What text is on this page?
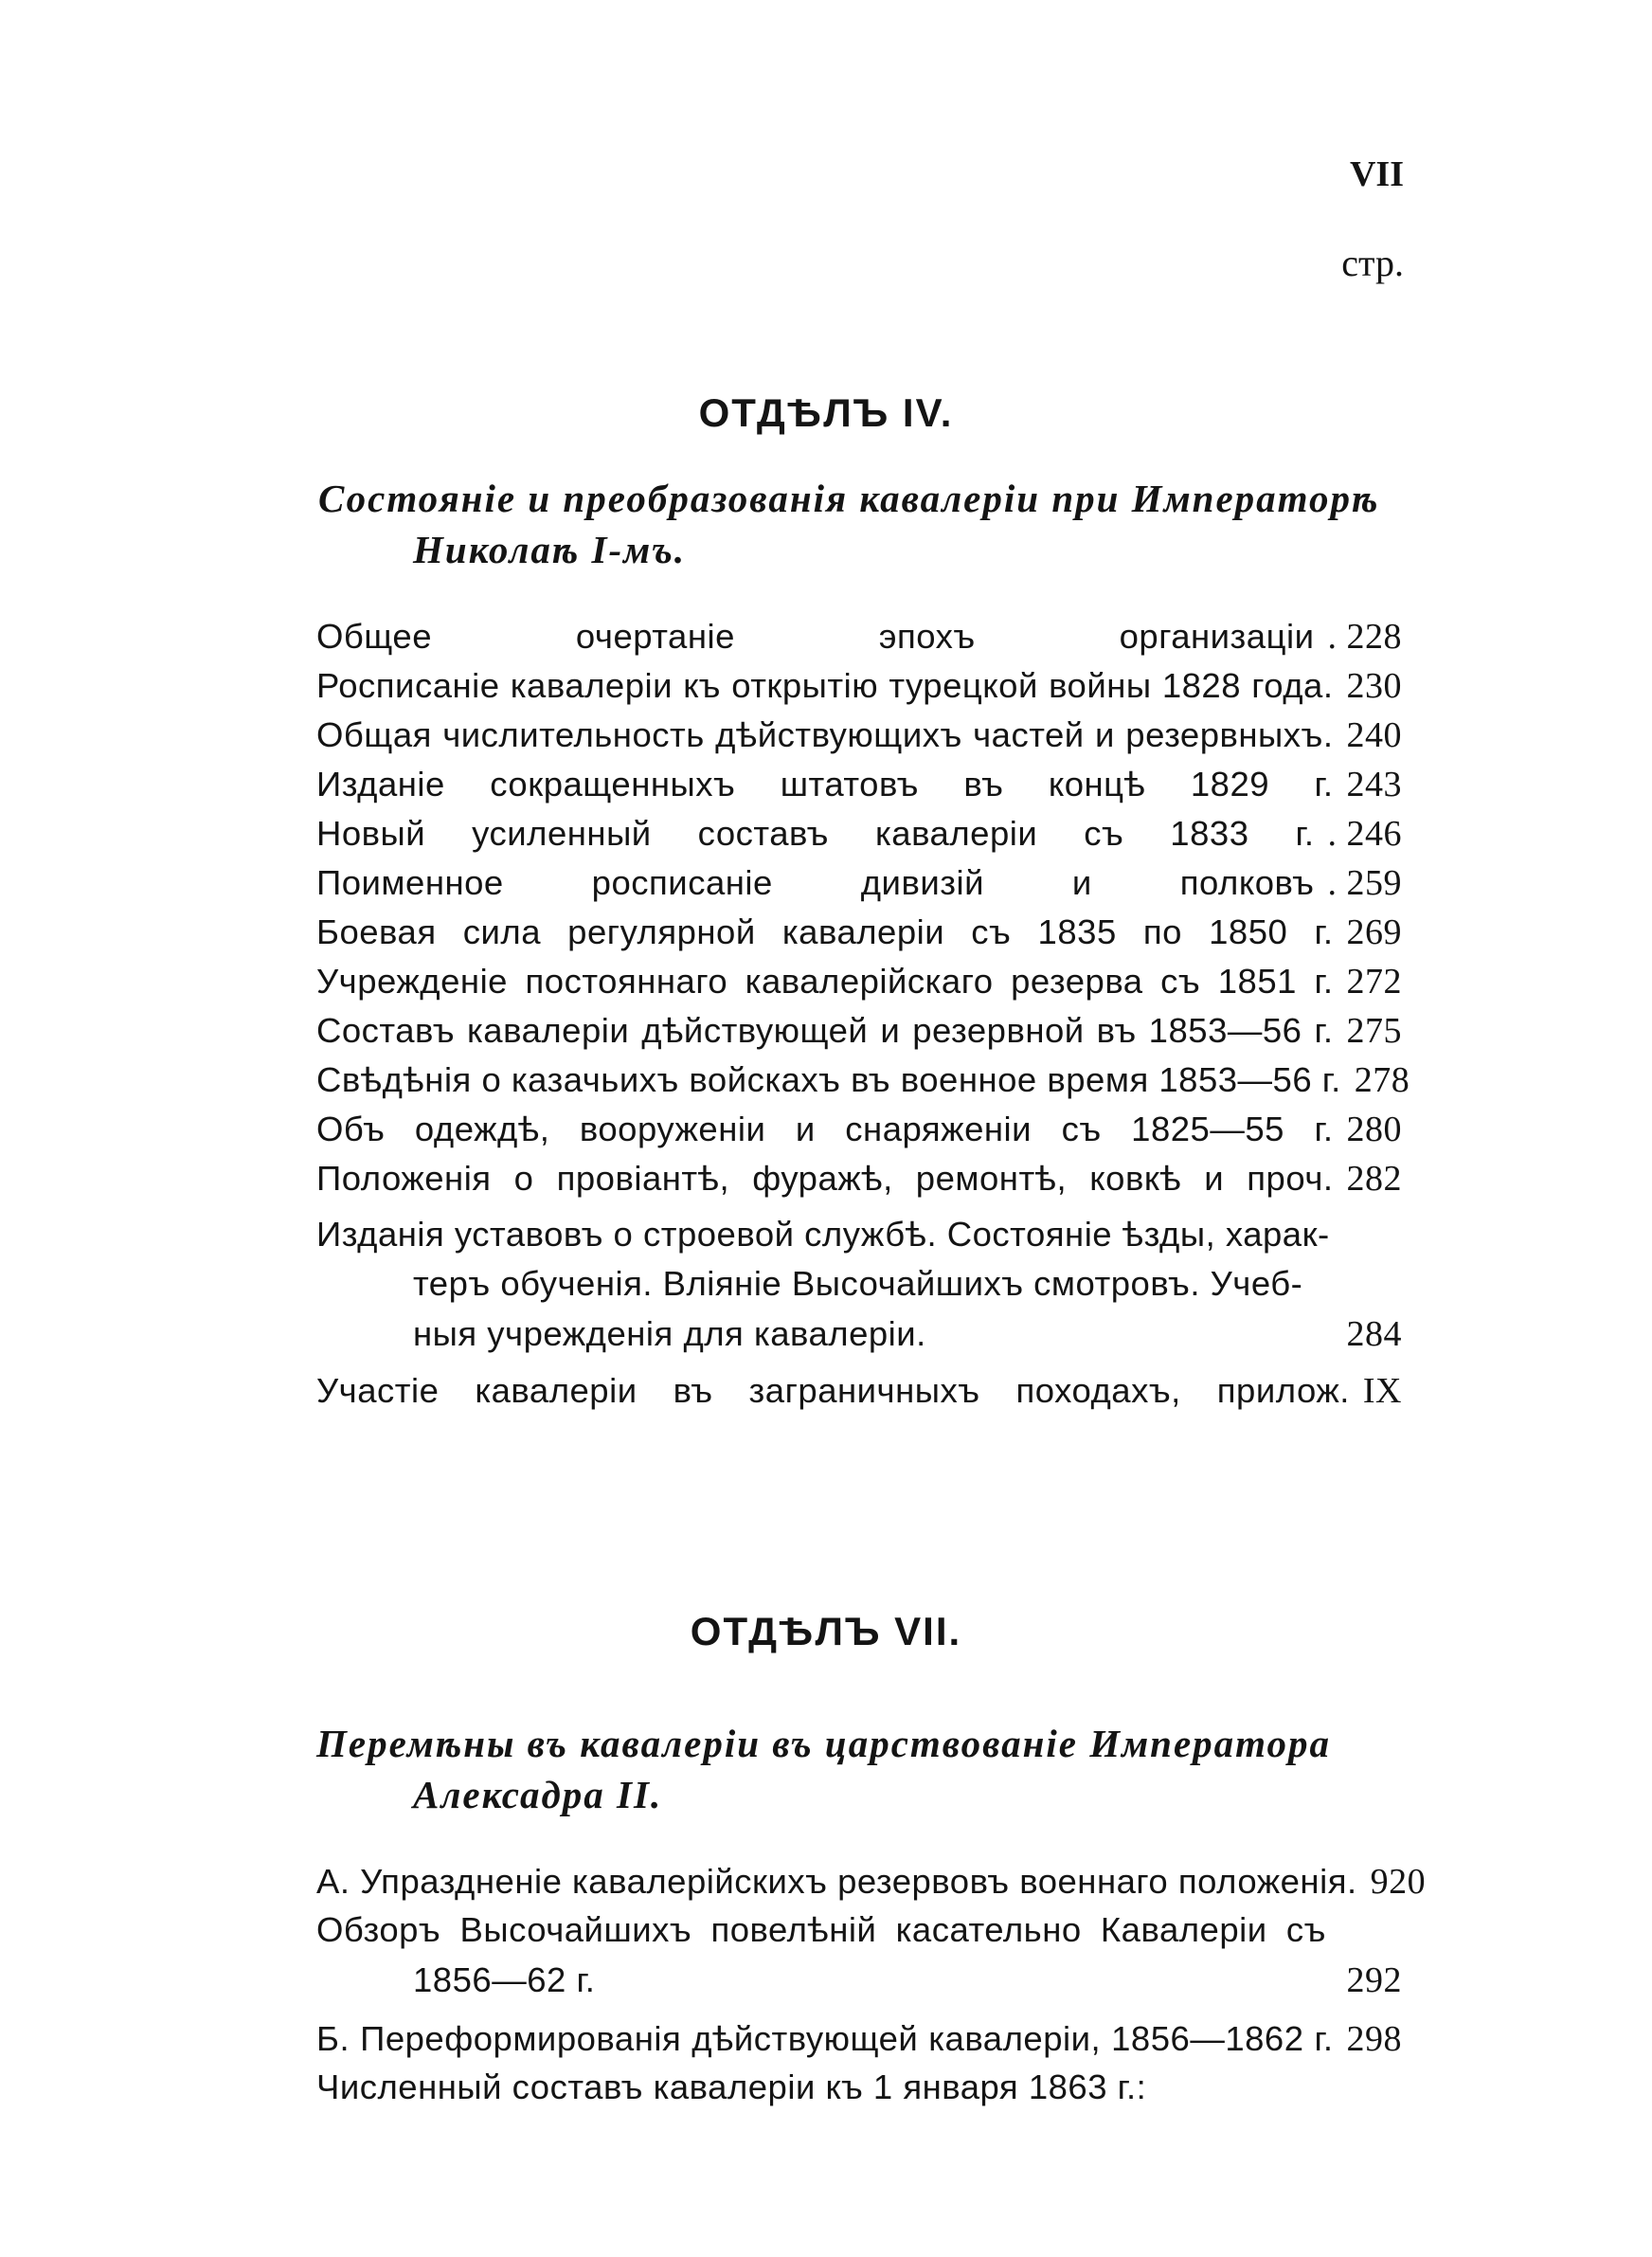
VII
стр.
ОТДѢЛЪ IV.
Состояніе и преобразованія кавалеріи при Императорѣ
Николаѣ I-мъ.
Общее очертаніе эпохъ организаціи . 228
Росписаніе кавалеріи къ открытію турецкой войны 1828 года. 230
Общая числительность дѣйствующихъ частей и резервныхъ. 240
Изданіе сокращенныхъ штатовъ въ концѣ 1829 г. 243
Новый усиленный составъ кавалеріи съ 1833 г. . 246
Поименное росписаніе дивизій и полковъ . 259
Боевая сила регулярной кавалеріи съ 1835 по 1850 г. 269
Учрежденіе постояннаго кавалерійскаго резерва съ 1851 г. 272
Составъ кавалеріи дѣйствующей и резервной въ 1853—56 г. 275
Свѣдѣнія о казачьихъ войскахъ въ военное время 1853—56 г. 278
Объ одеждѣ, вооруженіи и снаряженіи съ 1825—55 г. 280
Положенія о провіантѣ, фуражѣ, ремонтѣ, ковкѣ и проч. 282
Изданія уставовъ о строевой службѣ. Состояніе ѣзды, харак-
теръ обученія. Вліяніе Высочайшихъ смотровъ. Учеб-
ныя учрежденія для кавалеріи.	284
Участіе кавалеріи въ заграничныхъ походахъ, прилож. IX
ОТДѢЛЪ VII.
Перемѣны въ кавалеріи въ царствованіе Императора
Алексадра II.
А. Упраздненіе кавалерійскихъ резервовъ военнаго положенія. 920
Обзоръ Высочайшихъ повелѣній касательно Кавалеріи съ
1856—62 г.	292
Б. Переформированія дѣйствующей кавалеріи, 1856—1862 г. 298
Численный составъ кавалеріи къ 1 января 1863 г.:
